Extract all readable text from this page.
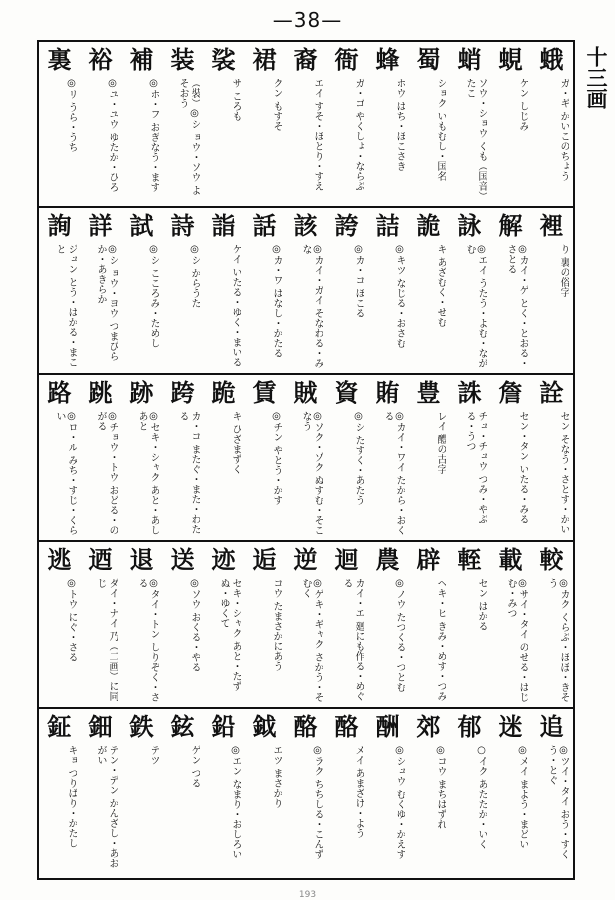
—38—
十三画
蛾
ガ・ギ かいこのちょう
蜆
ケン しじみ
蛸
ソウ・ショウ くも（国音）たこ
蜀
ショク いもむし・国名
蜂
ホウ はち・ほこさき
衙
ガ・ゴ やくしょ・ならぶ
裔
エイ すそ・ほとり・すえ
裙
クン もすそ
裟
サ ころも
装
（裝）◎シ ョウ・ソウ よそおう
補
◎ホ・フ おぎなう・ます
裕
◎ユ・ユウ ゆたか・ひろ
裏
◎リ うら・うち
裡
り 裏の俗字
解
◎カイ・ゲ とく・とおる・さとる
詠
◎エイ うたう・よむ・ながむ
詭
キ あざむく・せむ
詰
◎キツ なじる・おさむ
誇
◎カ・コ ほこる
該
◎カイ・ガイ そなわる・みな
話
◎カ・ワ はなし・かたる
詣
ケイ いたる・ゆく・まいる
詩
◎シ からうた
試
◎シ こころみ・ためし
詳
◎シ ョウ・ヨウ つまびらか・あきらか
詢
ジュン とう・はかる・まこと
詮
セン そなう・さとす・かい
詹
セン・タン いたる・みる
誅
チュ・チュウ つみ・やぶる・うつ
豊
レイ 醴の古字
賄
◎カイ・ワイ たから・おくる
資
◎シ たすく・あたう
賊
◎ソク・ゾク ぬすむ・そこなう
賃
◎チン やとう・かす
跪
キ ひざまずく
跨
カ・コ またぐ・また・わたる
跡
◎セキ・シャク あと・あしあと
跳
◎チョウ・トウ おどる・のがる
路
◎ロ・ル みち・すじ・くらい
較
◎カク くらぶ・ほぼ・きそう
載
◎サイ・タイ のせる・はじむ・みつ
輊
セン はかる
辟
ヘキ・ヒ きみ・めす・つみ
農
◎ノウ たつくる・つとむ
迴
カイ・エ 廻にも作る・めぐる
逆
◎ゲキ・ギャク さかう・そむく
逅
コウ たまさかにあう
迹
セキ・シャク あと・たずぬ・ゆくて
送
◎ソウ おくる・やる
退
◎タイ・トン しりぞく・さる
迺
ダイ・ナイ 乃（二画）に同じ
逃
◎トウ にぐ・さる
追
◎ツイ・タイ おう・すくう・とぐ
迷
◎メイ まよう・まどい
郁
○イク あたたか・いく
郊
◎コウ まちはずれ
酬
◎シュウ むくゆ・かえす
酪
メイ あまざけ・よう
酪
◎ラク ちちしる・こんず
鉞
エツ まさかり
鉛
◎エン なまり・おしろい
鉉
ゲン つる
鉄
テツ
鈿
テン・デン かんざし・あおがい
鉦
キョ つりばり・かたし
193
